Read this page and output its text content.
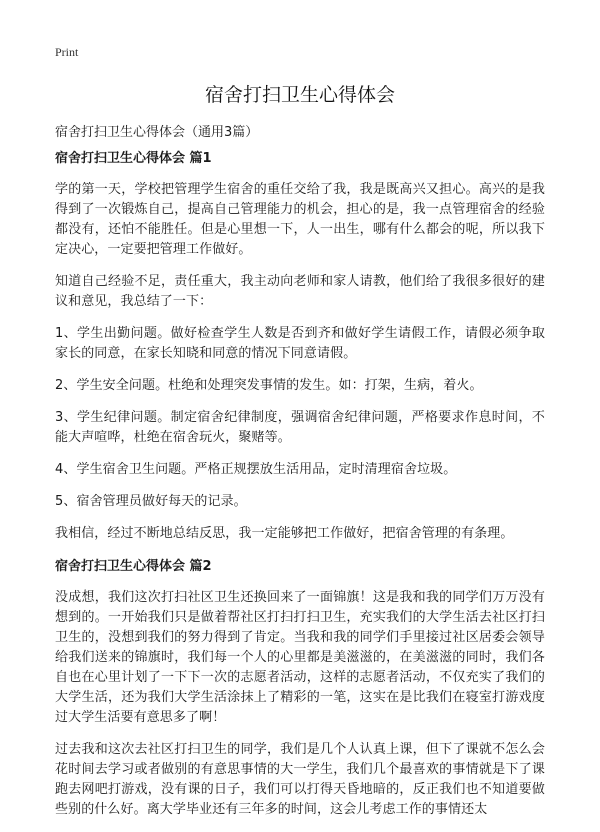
Print
宿舍打扫卫生心得体会
宿舍打扫卫生心得体会（通用3篇）
宿舍打扫卫生心得体会 篇1

学的第一天，学校把管理学生宿舍的重任交给了我，我是既高兴又担心。高兴的是我得到了一次锻炼自己，提高自己管理能力的机会，担心的是，我一点管理宿舍的经验都没有，还怕不能胜任。但是心里想一下，人一出生，哪有什么都会的呢，所以我下定决心，一定要把管理工作做好。

知道自己经验不足，责任重大，我主动向老师和家人请教，他们给了我很多很好的建议和意见，我总结了一下：

1、学生出勤问题。做好检查学生人数是否到齐和做好学生请假工作，请假必须争取家长的同意，在家长知晓和同意的情况下同意请假。

2、学生安全问题。杜绝和处理突发事情的发生。如：打架，生病，着火。

3、学生纪律问题。制定宿舍纪律制度，强调宿舍纪律问题，严格要求作息时间，不能大声喧哗，杜绝在宿舍玩火，聚赌等。

4、学生宿舍卫生问题。严格正规摆放生活用品，定时清理宿舍垃圾。

5、宿舍管理员做好每天的记录。

我相信，经过不断地总结反思，我一定能够把工作做好，把宿舍管理的有条理。

宿舍打扫卫生心得体会 篇2

没成想，我们这次打扫社区卫生还换回来了一面锦旗！这是我和我的同学们万万没有想到的。一开始我们只是做着帮社区打扫打扫卫生，充实我们的大学生活去社区打扫卫生的，没想到我们的努力得到了肯定。当我和我的同学们手里接过社区居委会领导给我们送来的锦旗时，我们每一个人的心里都是美滋滋的，在美滋滋的同时，我们各自也在心里计划了一下下一次的志愿者活动，这样的志愿者活动，不仅充实了我们的大学生活，还为我们大学生活涂抹上了精彩的一笔，这实在是比我们在寝室打游戏度过大学生活要有意思多了啊！

过去我和这次去社区打扫卫生的同学，我们是几个人认真上课，但下了课就不怎么会花时间去学习或者做别的有意思事情的大一学生，我们几个最喜欢的事情就是下了课跑去网吧打游戏，没有课的日子，我们可以打得天昏地暗的，反正我们也不知道要做些别的什么好。离大学毕业还有三年多的时间，这会儿考虑工作的事情还太
